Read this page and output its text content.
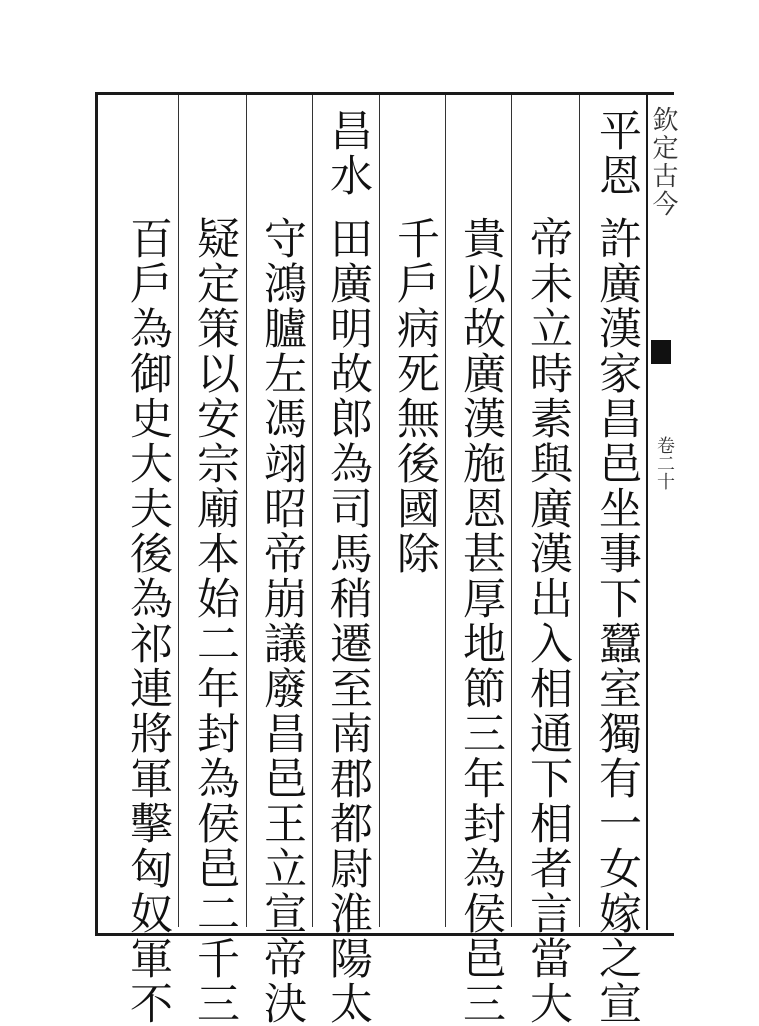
欽定古今
卷二十
平恩
許廣漢家昌邑坐事下蠶室獨有一女嫁之宣
帝未立時素與廣漢出入相通下相者言當大
貴以故廣漢施恩甚厚地節三年封為侯邑三
千戶病死無後國除
昌水
田廣明故郎為司馬稍遷至南郡都尉淮陽太
守鴻臚左馮翊昭帝崩議廢昌邑王立宣帝決
疑定策以安宗廟本始二年封為侯邑二千三
百戶為御史大夫後為祁連將軍擊匈奴軍不
